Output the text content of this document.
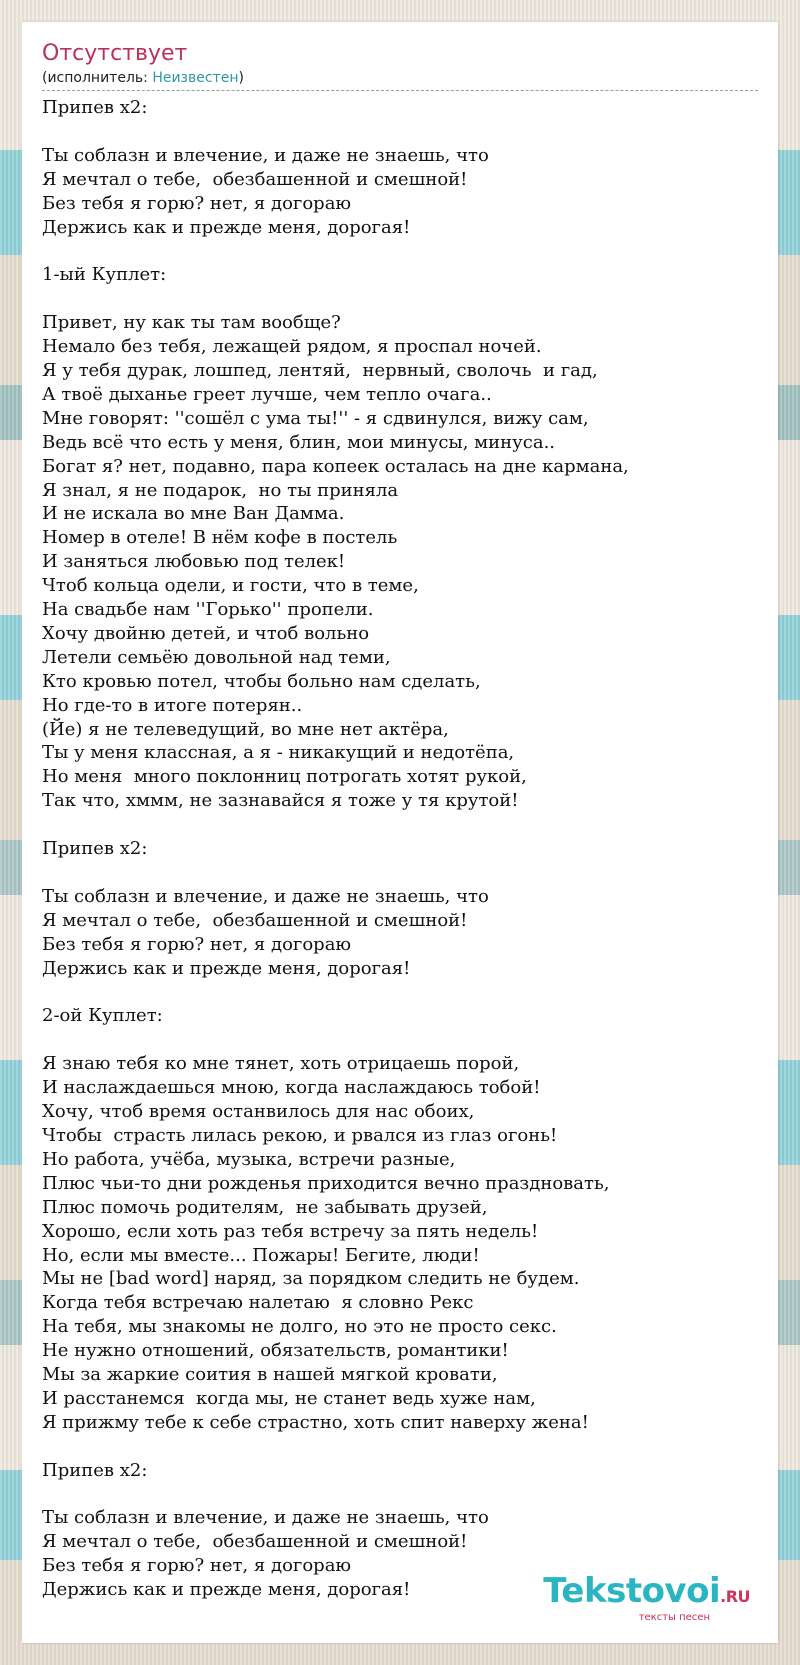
Отсутствует
(исполнитель: Неизвестен)
Припев x2:

Ты соблазн и влечение, и даже не знаешь, что
Я мечтал о тебе,  обезбашенной и смешной!
Без тебя я горю? нет, я догораю
Держись как и прежде меня, дорогая!

1-ый Куплет:

Привет, ну как ты там вообще?
Немало без тебя, лежащей рядом, я проспал ночей.
Я у тебя дурак, лошпед, лентяй,  нервный, сволочь  и гад,
А твоё дыханье греет лучше, чем тепло очага..
Мне говорят: ''сошёл с ума ты!'' - я сдвинулся, вижу сам,
Ведь всё что есть у меня, блин, мои минусы, минуса..
Богат я? нет, подавно, пара копеек осталась на дне кармана,
Я знал, я не подарок,  но ты приняла
И не искала во мне Ван Дамма.
Номер в отеле! В нём кофе в постель
И заняться любовью под телек!
Чтоб кольца одели, и гости, что в теме,
На свадьбе нам ''Горько'' пропели.
Хочу двойню детей, и чтоб вольно
Летели семьёю довольной над теми,
Кто кровью потел, чтобы больно нам сделать,
Но где-то в итоге потерян..
(Йе) я не телеведущий, во мне нет актёра,
Ты у меня классная, а я - никакущий и недотёпа,
Но меня  много поклонниц потрогать хотят рукой,
Так что, хммм, не зазнавайся я тоже у тя крутой!

Припев x2:

Ты соблазн и влечение, и даже не знаешь, что
Я мечтал о тебе,  обезбашенной и смешной!
Без тебя я горю? нет, я догораю
Держись как и прежде меня, дорогая!

2-ой Куплет:

Я знаю тебя ко мне тянет, хоть отрицаешь порой,
И наслаждаешься мною, когда наслаждаюсь тобой!
Хочу, чтоб время останвилось для нас обоих,
Чтобы  страсть лилась рекою, и рвался из глаз огонь!
Но работа, учёба, музыка, встречи разные,
Плюс чьи-то дни рожденья приходится вечно праздновать,
Плюс помочь родителям,  не забывать друзей,
Хорошо, если хоть раз тебя встречу за пять недель!
Но, если мы вместе... Пожары! Бегите, люди!
Мы не [bad word] наряд, за порядком следить не будем.
Когда тебя встречаю налетаю  я словно Рекс
На тебя, мы знакомы не долго, но это не просто секс.
Не нужно отношений, обязательств, романтики!
Мы за жаркие соития в нашей мягкой кровати,
И расстанемся  когда мы, не станет ведь хуже нам,
Я прижму тебе к себе страстно, хоть спит наверху жена!

Припев x2:

Ты соблазн и влечение, и даже не знаешь, что
Я мечтал о тебе,  обезбашенной и смешной!
Без тебя я горю? нет, я догораю
Держись как и прежде меня, дорогая!	Tekstovoi.RU
тексты песен
